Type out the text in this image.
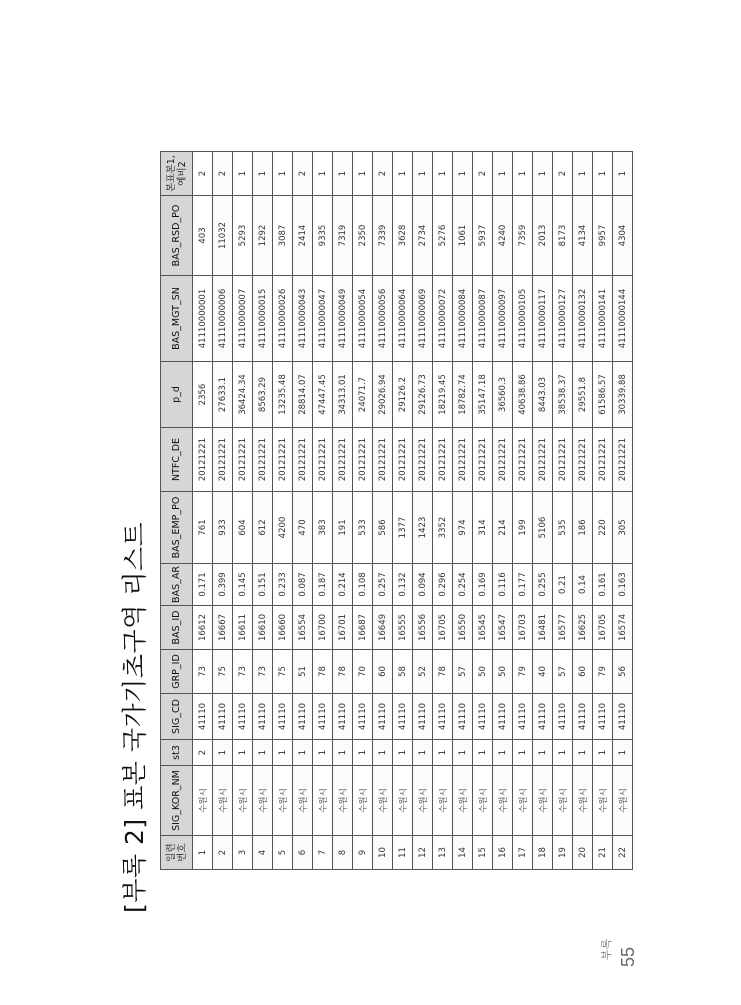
[부록 2] 표본 국가기초구역 리스트 일련
번호	SIG_KOR_NM	st3	SIG_CD	GRP_ID	BAS_ID	BAS_AR	BAS_EMP_PO	NTFC_DE	p_d	BAS_MGT_SN	BAS_RSD_PO	본표본1,
예비2
1	수원시	2	41110	73	16612	0.171	761	20121221	2356	41110000001	403	2
2	수원시	1	41110	75	16667	0.399	933	20121221	27633.1	41110000006	11032	2
3	수원시	1	41110	73	16611	0.145	604	20121221	36424.34	41110000007	5293	1
4	수원시	1	41110	73	16610	0.151	612	20121221	8563.29	41110000015	1292	1
5	수원시	1	41110	75	16660	0.233	4200	20121221	13235.48	41110000026	3087	1
6	수원시	1	41110	51	16554	0.087	470	20121221	28814.07	41110000043	2414	2
7	수원시	1	41110	78	16700	0.187	383	20121221	47447.45	41110000047	9335	1
8	수원시	1	41110	78	16701	0.214	191	20121221	34313.01	41110000049	7319	1
9	수원시	1	41110	70	16687	0.108	533	20121221	24071.7	41110000054	2350	1
10	수원시	1	41110	60	16649	0.257	586	20121221	29026.94	41110000056	7339	2
11	수원시	1	41110	58	16555	0.132	1377	20121221	29126.2	41110000064	3628	1
12	수원시	1	41110	52	16556	0.094	1423	20121221	29126.73	41110000069	2734	1
13	수원시	1	41110	78	16705	0.296	3352	20121221	18219.45	41110000072	5276	1
14	수원시	1	41110	57	16550	0.254	974	20121221	18782.74	41110000084	1061	1
15	수원시	1	41110	50	16545	0.169	314	20121221	35147.18	41110000087	5937	2
16	수원시	1	41110	50	16547	0.116	214	20121221	36560.3	41110000097	4240	1
17	수원시	1	41110	79	16703	0.177	199	20121221	40638.86	41110000105	7359	1
18	수원시	1	41110	40	16481	0.255	5106	20121221	8443.03	41110000117	2013	1
19	수원시	1	41110	57	16577	0.21	535	20121221	38538.37	41110000127	8173	2
20	수원시	1	41110	60	16625	0.14	186	20121221	29551.8	41110000132	4134	1
21	수원시	1	41110	79	16705	0.161	220	20121221	61586.57	41110000141	9957	1
22	수원시	1	41110	56	16574	0.163	305	20121221	30339.88	41110000144	4304	1
부록 55
